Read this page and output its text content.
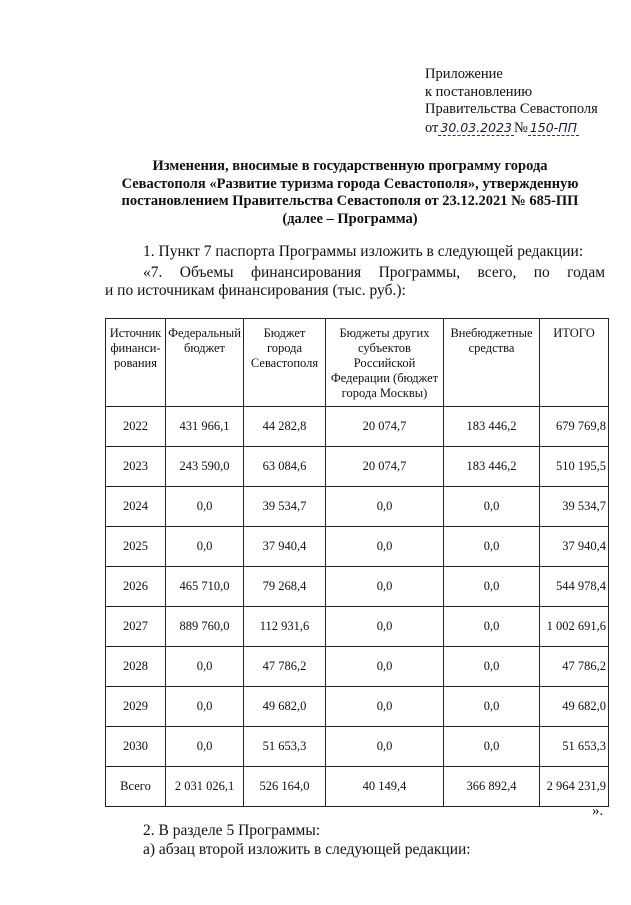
Приложение
к постановлению
Правительства Севастополя
от 30.03.2023 № 150-ПП
Изменения, вносимые в государственную программу города
Севастополя «Развитие туризма города Севастополя», утвержденную
постановлением Правительства Севастополя от 23.12.2021 № 685-ПП
(далее – Программа)
1. Пункт 7 паспорта Программы изложить в следующей редакции:
«7. Объемы финансирования Программы, всего, по годам
и по источникам финансирования (тыс. руб.):
Источник финанси-рования	Федеральный бюджет	Бюджет города Севастополя	Бюджеты других субъектов Российской Федерации (бюджет города Москвы)	Внебюджетные средства	ИТОГО
2022	431 966,1	44 282,8	20 074,7	183 446,2	679 769,8
2023	243 590,0	63 084,6	20 074,7	183 446,2	510 195,5
2024	0,0	39 534,7	0,0	0,0	39 534,7
2025	0,0	37 940,4	0,0	0,0	37 940,4
2026	465 710,0	79 268,4	0,0	0,0	544 978,4
2027	889 760,0	112 931,6	0,0	0,0	1 002 691,6
2028	0,0	47 786,2	0,0	0,0	47 786,2
2029	0,0	49 682,0	0,0	0,0	49 682,0
2030	0,0	51 653,3	0,0	0,0	51 653,3
Всего	2 031 026,1	526 164,0	40 149,4	366 892,4	2 964 231,9
».
2. В разделе 5 Программы:
а) абзац второй изложить в следующей редакции:
